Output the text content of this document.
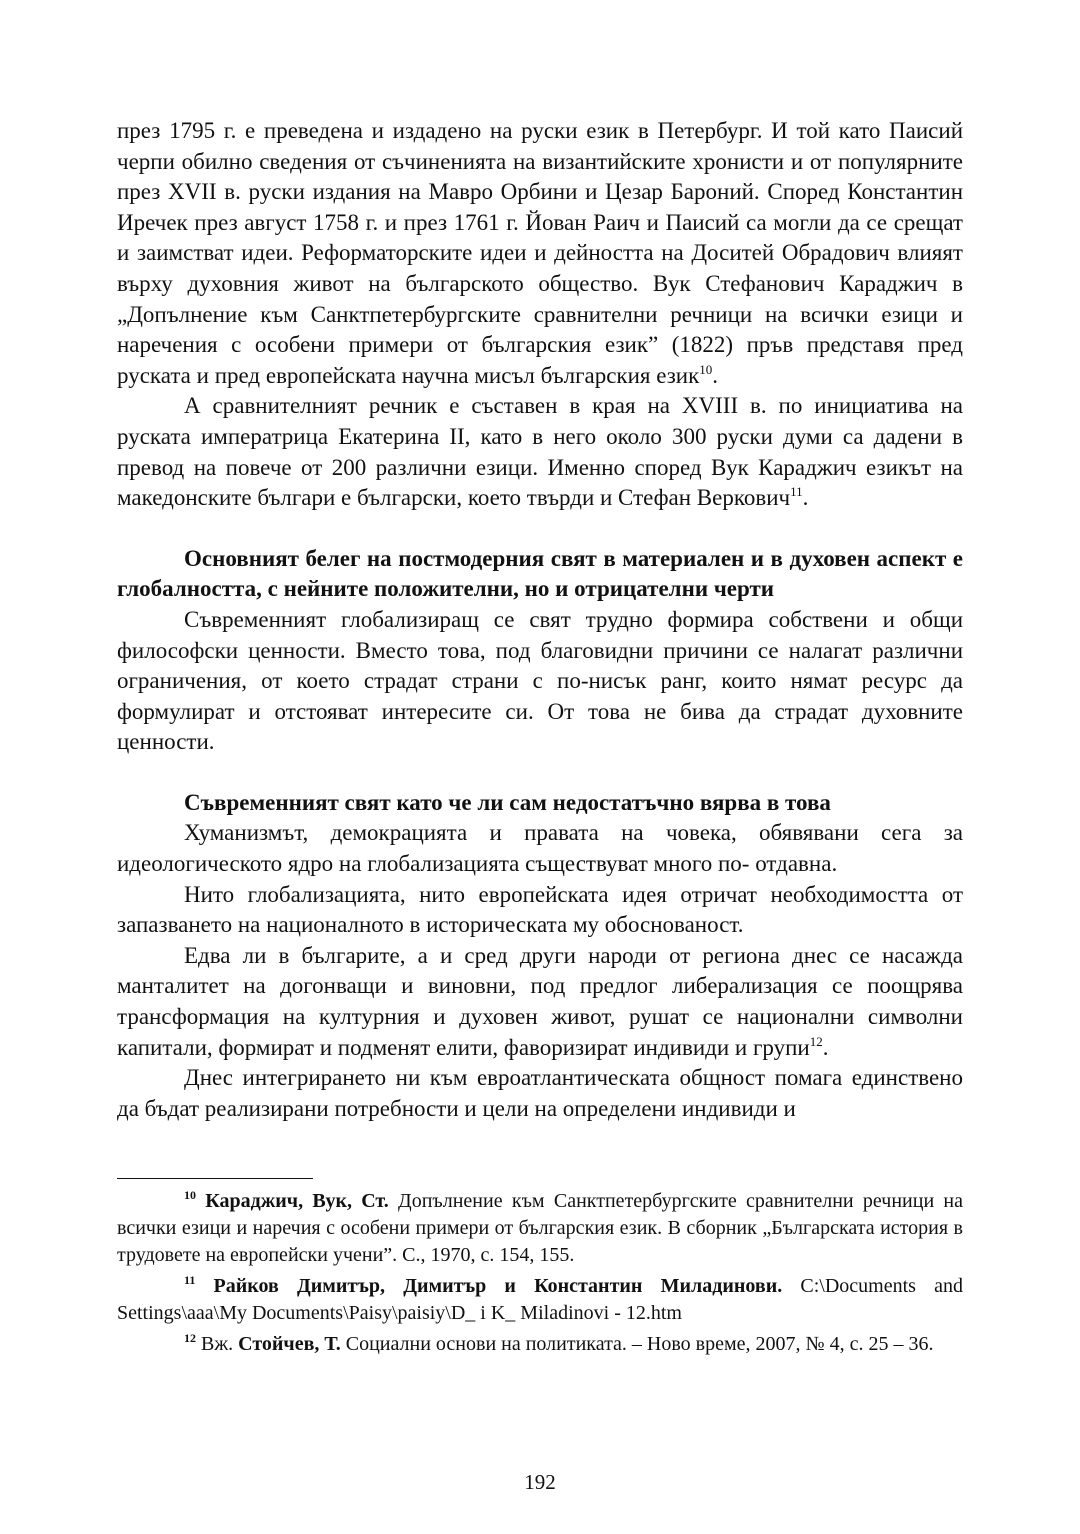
през 1795 г. е преведена и издадено на руски език в Петербург. И той като Паисий черпи обилно сведения от съчиненията на византийските хронисти и от популярните през XVII в. руски издания на Мавро Орбини и Цезар Бароний. Според Константин Иречек през август 1758 г. и през 1761 г. Йован Раич и Паисий са могли да се срещат и заимстват идеи. Реформаторските идеи и дейността на Доситей Обрадович влияят върху духовния живот на българското общество. Вук Стефанович Караджич в „Допълнение към Санктпетербургските сравнителни речници на всички езици и наречения с особени примери от българския език” (1822) пръв представя пред руската и пред европейската научна мисъл българския език$^{10}$.

А сравнителният речник е съставен в края на XVIII в. по инициатива на руската императрица Екатерина II, като в него около 300 руски думи са дадени в превод на повече от 200 различни езици. Именно според Вук Караджич езикът на македонските българи е български, което твърди и Стефан Веркович$^{11}$.

Основният белег на постмодерния свят в материален и в духовен аспект е глобалността, с нейните положителни, но и отрицателни черти

Съвременният глобализиращ се свят трудно формира собствени и общи философски ценности. Вместо това, под благовидни причини се налагат различни ограничения, от което страдат страни с по-нисък ранг, които нямат ресурс да формулират и отстояват интересите си. От това не бива да страдат духовните ценности.

Съвременният свят като че ли сам недостатъчно вярва в това

Хуманизмът, демокрацията и правата на човека, обявявани сега за идеологическото ядро на глобализацията съществуват много по- отдавна.

Нито глобализацията, нито европейската идея отричат необходимостта от запазването на националното в историческата му обоснованост.

Едва ли в българите, а и сред други народи от региона днес се насажда манталитет на догонващи и виновни, под предлог либерализация се поощрява трансформация на културния и духовен живот, рушат се национални символни капитали, формират и подменят елити, фаворизират индивиди и групи$^{12}$.

Днес интегрирането ни към евроатлантическата общност помага единствено да бъдат реализирани потребности и цели на определени индивиди и

$^{10}$ Караджич, Вук, Ст. Допълнение към Санктпетербургските сравнителни речници на всички езици и наречия с особени примери от българския език. В сборник „Българската история в трудовете на европейски учени”. С., 1970, с. 154, 155.

$^{11}$ Райков Димитър, Димитър и Константин Миладинови. C:\Documents and Settings\aaa\My Documents\Paisy\paisiy\D_ i K_ Miladinovi - 12.htm

$^{12}$ Вж. Стойчев, Т. Социални основи на политиката. – Ново време, 2007, № 4, с. 25 – 36.

192
